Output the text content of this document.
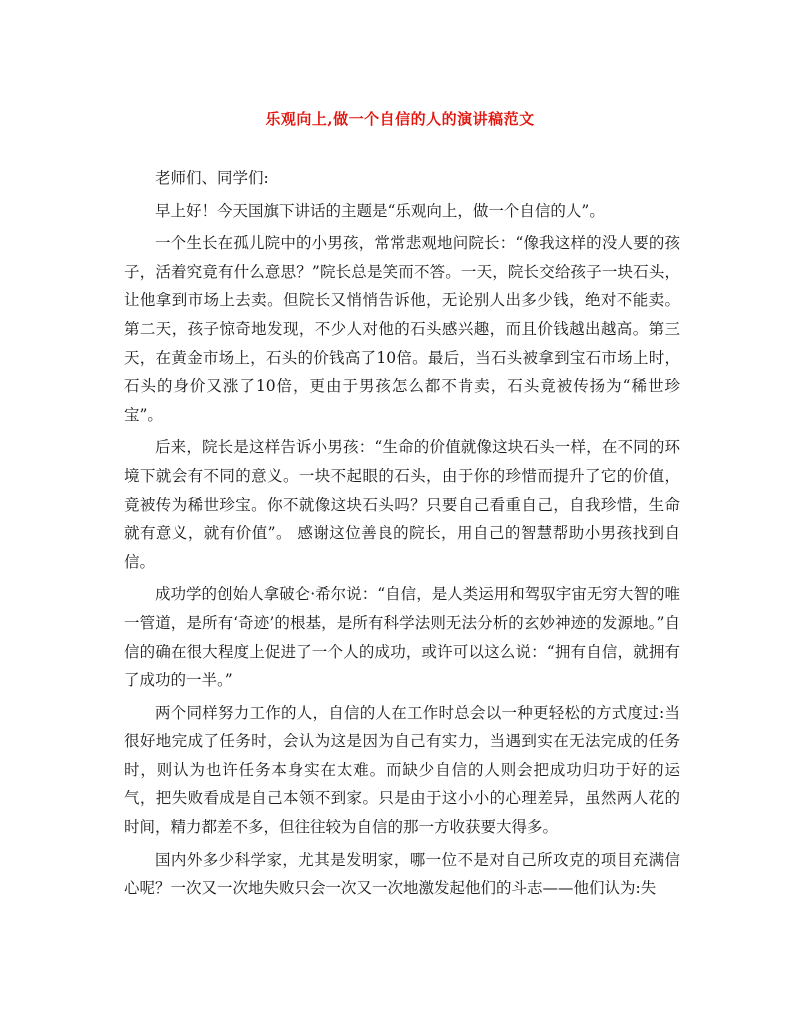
乐观向上,做一个自信的人的演讲稿范文

老师们、同学们:

早上好！今天国旗下讲话的主题是“乐观向上，做一个自信的人”。

一个生长在孤儿院中的小男孩，常常悲观地问院长：“像我这样的没人要的孩子，活着究竟有什么意思？”院长总是笑而不答。一天，院长交给孩子一块石头，让他拿到市场上去卖。但院长又悄悄告诉他，无论别人出多少钱，绝对不能卖。第二天，孩子惊奇地发现，不少人对他的石头感兴趣，而且价钱越出越高。第三天，在黄金市场上，石头的价钱高了10倍。最后，当石头被拿到宝石市场上时，石头的身价又涨了10倍，更由于男孩怎么都不肯卖，石头竟被传扬为“稀世珍宝”。

后来，院长是这样告诉小男孩：“生命的价值就像这块石头一样，在不同的环境下就会有不同的意义。一块不起眼的石头，由于你的珍惜而提升了它的价值，竟被传为稀世珍宝。你不就像这块石头吗？只要自己看重自己，自我珍惜，生命就有意义，就有价值”。 感谢这位善良的院长，用自己的智慧帮助小男孩找到自信。

成功学的创始人拿破仑·希尔说：“自信，是人类运用和驾驭宇宙无穷大智的唯一管道，是所有‘奇迹’的根基，是所有科学法则无法分析的玄妙神迹的发源地。”自信的确在很大程度上促进了一个人的成功，或许可以这么说：“拥有自信，就拥有了成功的一半。”

两个同样努力工作的人，自信的人在工作时总会以一种更轻松的方式度过:当很好地完成了任务时，会认为这是因为自己有实力，当遇到实在无法完成的任务时，则认为也许任务本身实在太难。而缺少自信的人则会把成功归功于好的运气，把失败看成是自己本领不到家。只是由于这小小的心理差异，虽然两人花的时间，精力都差不多，但往往较为自信的那一方收获要大得多。

国内外多少科学家，尤其是发明家，哪一位不是对自己所攻克的项目充满信心呢？一次又一次地失败只会一次又一次地激发起他们的斗志——他们认为:失
